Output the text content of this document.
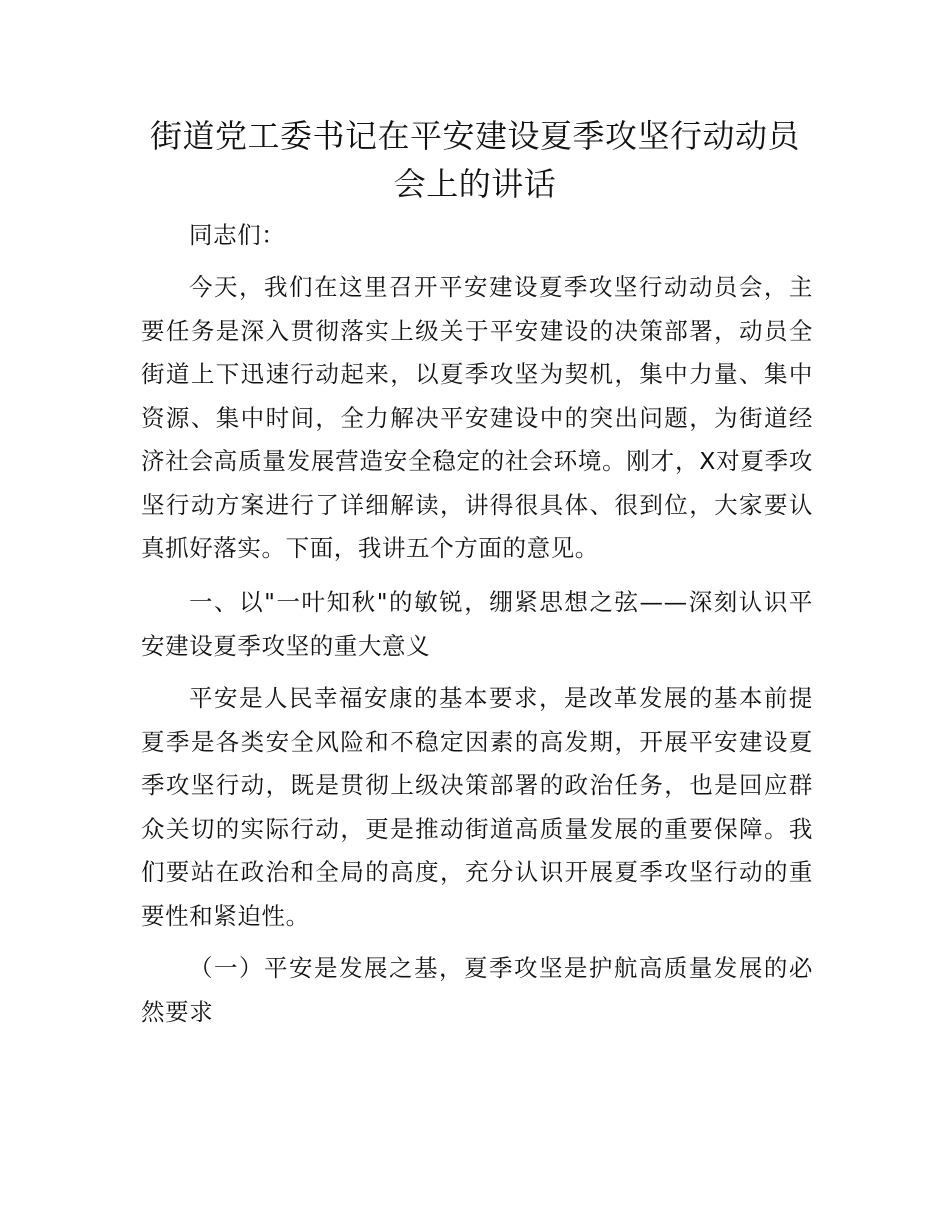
街道党工委书记在平安建设夏季攻坚行动动员会上的讲话

同志们：

今天，我们在这里召开平安建设夏季攻坚行动动员会，主要任务是深入贯彻落实上级关于平安建设的决策部署，动员全街道上下迅速行动起来，以夏季攻坚为契机，集中力量、集中资源、集中时间，全力解决平安建设中的突出问题，为街道经济社会高质量发展营造安全稳定的社会环境。刚才，X对夏季攻坚行动方案进行了详细解读，讲得很具体、很到位，大家要认真抓好落实。下面，我讲五个方面的意见。

一、以"一叶知秋"的敏锐，绷紧思想之弦——深刻认识平安建设夏季攻坚的重大意义

平安是人民幸福安康的基本要求，是改革发展的基本前提夏季是各类安全风险和不稳定因素的高发期，开展平安建设夏季攻坚行动，既是贯彻上级决策部署的政治任务，也是回应群众关切的实际行动，更是推动街道高质量发展的重要保障。我们要站在政治和全局的高度，充分认识开展夏季攻坚行动的重要性和紧迫性。

（一）平安是发展之基，夏季攻坚是护航高质量发展的必然要求
